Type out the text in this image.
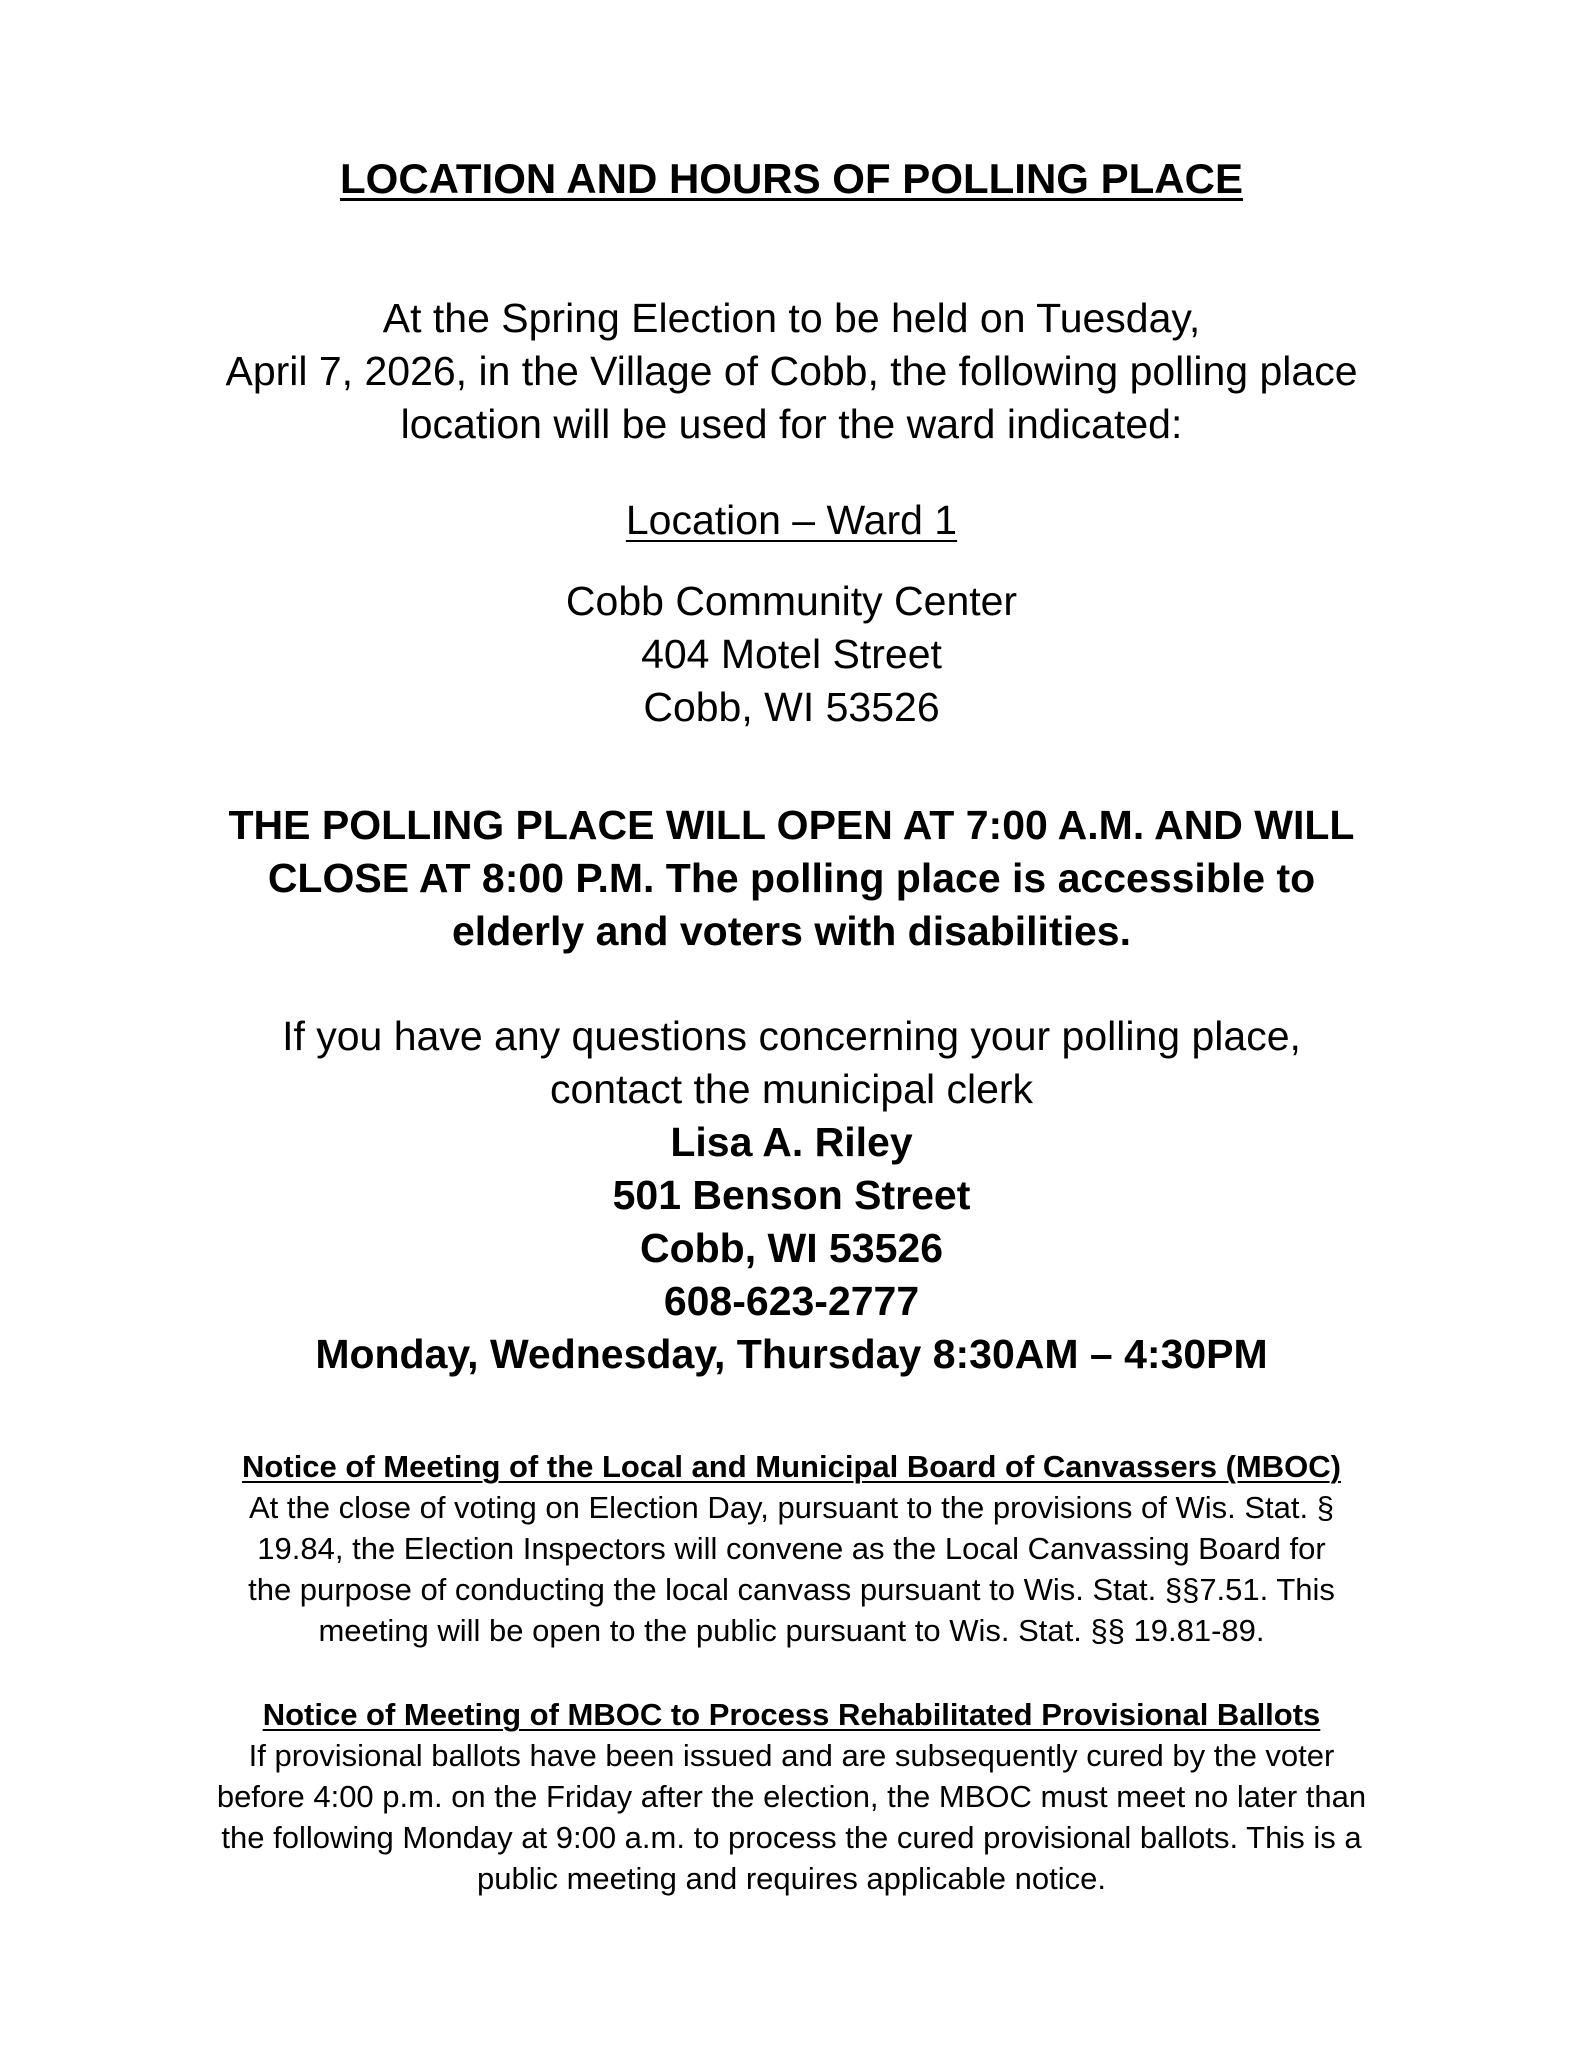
LOCATION AND HOURS OF POLLING PLACE

At the Spring Election to be held on Tuesday,

April 7, 2026, in the Village of Cobb, the following polling place

location will be used for the ward indicated:

Location – Ward 1

Cobb Community Center

404 Motel Street

Cobb, WI 53526

THE POLLING PLACE WILL OPEN AT 7:00 A.M. AND WILL

CLOSE AT 8:00 P.M. The polling place is accessible to

elderly and voters with disabilities.

If you have any questions concerning your polling place,

contact the municipal clerk

Lisa A. Riley

501 Benson Street

Cobb, WI 53526

608-623-2777

Monday, Wednesday, Thursday 8:30AM – 4:30PM

Notice of Meeting of the Local and Municipal Board of Canvassers (MBOC)

At the close of voting on Election Day, pursuant to the provisions of Wis. Stat. §

19.84, the Election Inspectors will convene as the Local Canvassing Board for

the purpose of conducting the local canvass pursuant to Wis. Stat. §§7.51. This

meeting will be open to the public pursuant to Wis. Stat. §§ 19.81-89.

Notice of Meeting of MBOC to Process Rehabilitated Provisional Ballots

If provisional ballots have been issued and are subsequently cured by the voter

before 4:00 p.m. on the Friday after the election, the MBOC must meet no later than

the following Monday at 9:00 a.m. to process the cured provisional ballots. This is a

public meeting and requires applicable notice.
